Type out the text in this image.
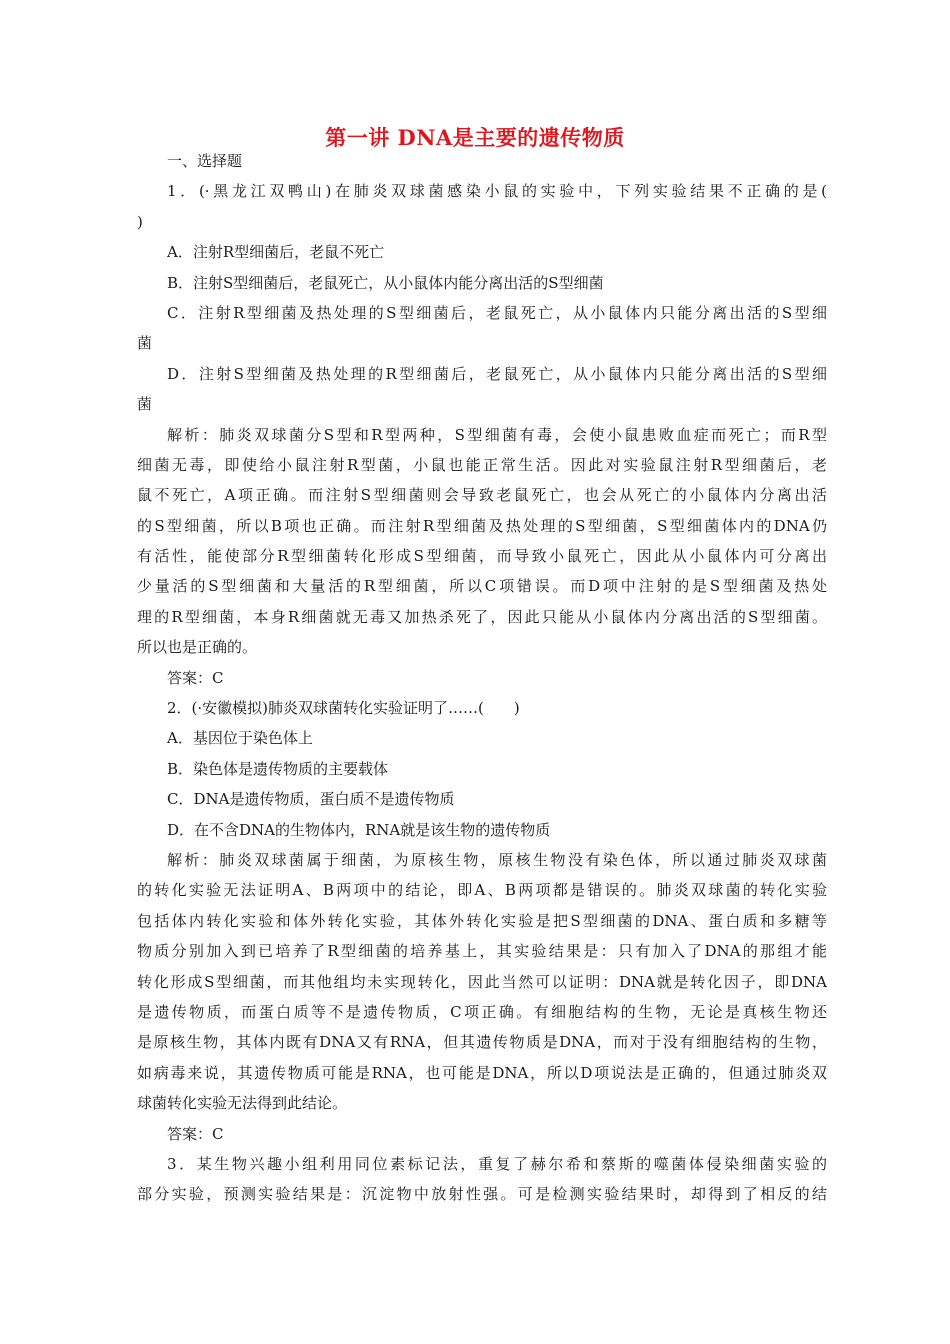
第一讲 DNA是主要的遗传物质
一、选择题
1．(·黑龙江双鸭山)在肺炎双球菌感染小鼠的实验中，下列实验结果不正确的是(
)
A．注射R型细菌后，老鼠不死亡
B．注射S型细菌后，老鼠死亡，从小鼠体内能分离出活的S型细菌
C．注射R型细菌及热处理的S型细菌后，老鼠死亡，从小鼠体内只能分离出活的S型细
菌
D．注射S型细菌及热处理的R型细菌后，老鼠死亡，从小鼠体内只能分离出活的S型细
菌
解析：肺炎双球菌分S型和R型两种，S型细菌有毒，会使小鼠患败血症而死亡；而R型
细菌无毒，即使给小鼠注射R型菌，小鼠也能正常生活。因此对实验鼠注射R型细菌后，老
鼠不死亡，A项正确。而注射S型细菌则会导致老鼠死亡，也会从死亡的小鼠体内分离出活
的S型细菌，所以B项也正确。而注射R型细菌及热处理的S型细菌，S型细菌体内的DNA仍
有活性，能使部分R型细菌转化形成S型细菌，而导致小鼠死亡，因此从小鼠体内可分离出
少量活的S型细菌和大量活的R型细菌，所以C项错误。而D项中注射的是S型细菌及热处
理的R型细菌，本身R细菌就无毒又加热杀死了，因此只能从小鼠体内分离出活的S型细菌。
所以也是正确的。
答案：C
2．(·安徽模拟)肺炎双球菌转化实验证明了……(　　)
A．基因位于染色体上
B．染色体是遗传物质的主要载体
C．DNA是遗传物质，蛋白质不是遗传物质
D．在不含DNA的生物体内，RNA就是该生物的遗传物质
解析：肺炎双球菌属于细菌，为原核生物，原核生物没有染色体，所以通过肺炎双球菌
的转化实验无法证明A、B两项中的结论，即A、B两项都是错误的。肺炎双球菌的转化实验
包括体内转化实验和体外转化实验，其体外转化实验是把S型细菌的DNA、蛋白质和多糖等
物质分别加入到已培养了R型细菌的培养基上，其实验结果是：只有加入了DNA的那组才能
转化形成S型细菌，而其他组均未实现转化，因此当然可以证明：DNA就是转化因子，即DNA
是遗传物质，而蛋白质等不是遗传物质，C项正确。有细胞结构的生物，无论是真核生物还
是原核生物，其体内既有DNA又有RNA，但其遗传物质是DNA，而对于没有细胞结构的生物，
如病毒来说，其遗传物质可能是RNA，也可能是DNA，所以D项说法是正确的，但通过肺炎双
球菌转化实验无法得到此结论。
答案：C
3．某生物兴趣小组利用同位素标记法，重复了赫尔希和蔡斯的噬菌体侵染细菌实验的
部分实验，预测实验结果是：沉淀物中放射性强。可是检测实验结果时，却得到了相反的结
